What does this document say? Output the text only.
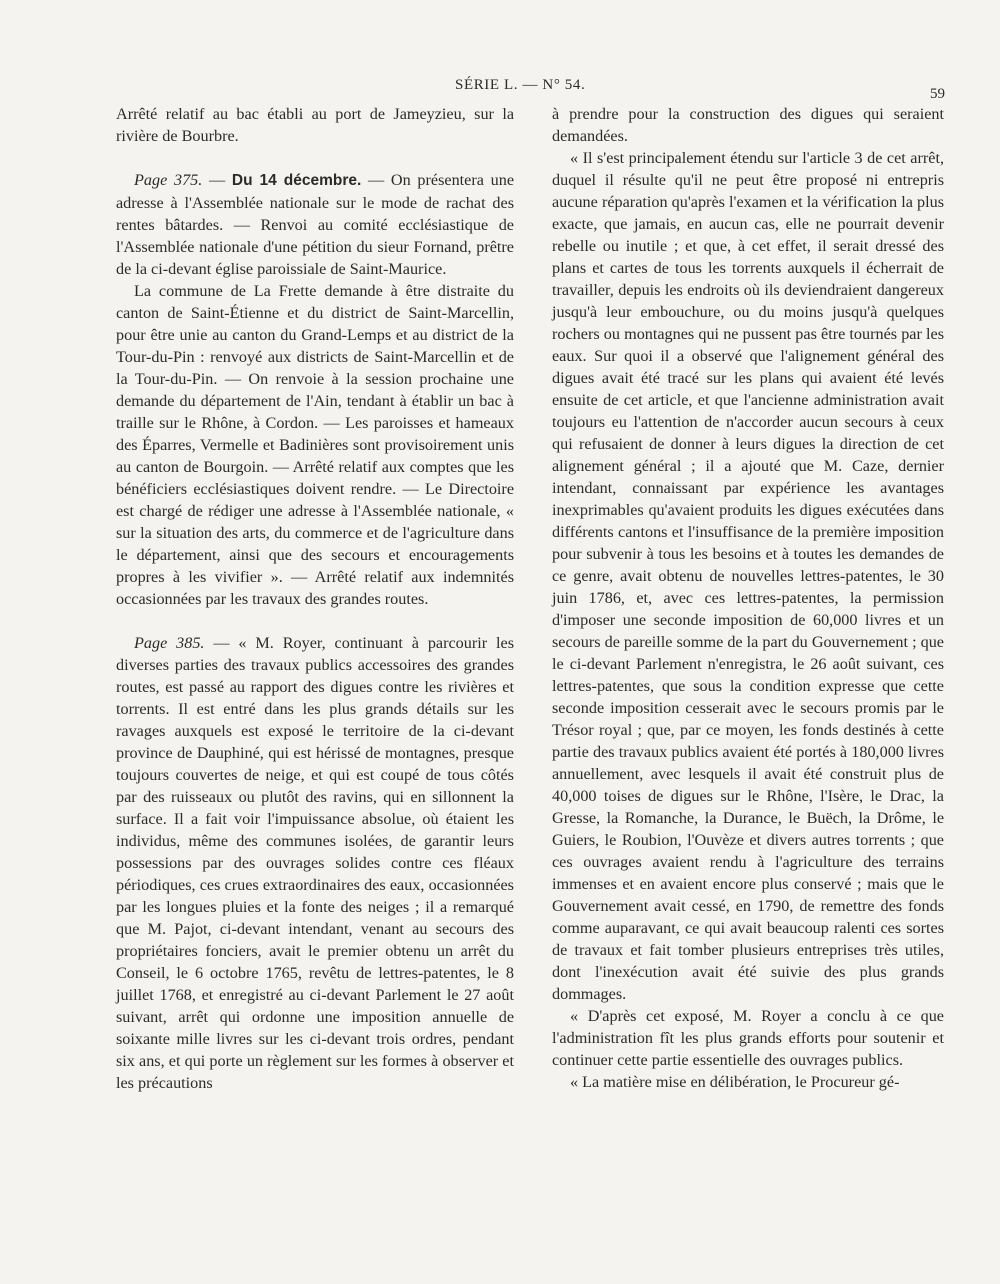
SÉRIE L. — N° 54.
59

Arrêté relatif au bac établi au port de Jameyzieu, sur la rivière de Bourbre.

Page 375. — Du 14 décembre. — On présentera une adresse à l'Assemblée nationale sur le mode de rachat des rentes bâtardes. — Renvoi au comité ecclésiastique de l'Assemblée nationale d'une pétition du sieur Fornand, prêtre de la ci-devant église paroissiale de Saint-Maurice.

La commune de La Frette demande à être distraite du canton de Saint-Étienne et du district de Saint-Marcellin, pour être unie au canton du Grand-Lemps et au district de la Tour-du-Pin : renvoyé aux districts de Saint-Marcellin et de la Tour-du-Pin. — On renvoie à la session prochaine une demande du département de l'Ain, tendant à établir un bac à traille sur le Rhône, à Cordon. — Les paroisses et hameaux des Éparres, Vermelle et Badinières sont provisoirement unis au canton de Bourgoin. — Arrêté relatif aux comptes que les bénéficiers ecclésiastiques doivent rendre. — Le Directoire est chargé de rédiger une adresse à l'Assemblée nationale, « sur la situation des arts, du commerce et de l'agriculture dans le département, ainsi que des secours et encouragements propres à les vivifier ». — Arrêté relatif aux indemnités occasionnées par les travaux des grandes routes.

Page 385. — « M. Royer, continuant à parcourir les diverses parties des travaux publics accessoires des grandes routes, est passé au rapport des digues contre les rivières et torrents. Il est entré dans les plus grands détails sur les ravages auxquels est exposé le territoire de la ci-devant province de Dauphiné, qui est hérissé de montagnes, presque toujours couvertes de neige, et qui est coupé de tous côtés par des ruisseaux ou plutôt des ravins, qui en sillonnent la surface. Il a fait voir l'impuissance absolue, où étaient les individus, même des communes isolées, de garantir leurs possessions par des ouvrages solides contre ces fléaux périodiques, ces crues extraordinaires des eaux, occasionnées par les longues pluies et la fonte des neiges ; il a remarqué que M. Pajot, ci-devant intendant, venant au secours des propriétaires fonciers, avait le premier obtenu un arrêt du Conseil, le 6 octobre 1765, revêtu de lettres-patentes, le 8 juillet 1768, et enregistré au ci-devant Parlement le 27 août suivant, arrêt qui ordonne une imposition annuelle de soixante mille livres sur les ci-devant trois ordres, pendant six ans, et qui porte un règlement sur les formes à observer et les précautions

à prendre pour la construction des digues qui seraient demandées.

« Il s'est principalement étendu sur l'article 3 de cet arrêt, duquel il résulte qu'il ne peut être proposé ni entrepris aucune réparation qu'après l'examen et la vérification la plus exacte, que jamais, en aucun cas, elle ne pourrait devenir rebelle ou inutile ; et que, à cet effet, il serait dressé des plans et cartes de tous les torrents auxquels il écherrait de travailler, depuis les endroits où ils deviendraient dangereux jusqu'à leur embouchure, ou du moins jusqu'à quelques rochers ou montagnes qui ne pussent pas être tournés par les eaux. Sur quoi il a observé que l'alignement général des digues avait été tracé sur les plans qui avaient été levés ensuite de cet article, et que l'ancienne administration avait toujours eu l'attention de n'accorder aucun secours à ceux qui refusaient de donner à leurs digues la direction de cet alignement général ; il a ajouté que M. Caze, dernier intendant, connaissant par expérience les avantages inexprimables qu'avaient produits les digues exécutées dans différents cantons et l'insuffisance de la première imposition pour subvenir à tous les besoins et à toutes les demandes de ce genre, avait obtenu de nouvelles lettres-patentes, le 30 juin 1786, et, avec ces lettres-patentes, la permission d'imposer une seconde imposition de 60,000 livres et un secours de pareille somme de la part du Gouvernement ; que le ci-devant Parlement n'enregistra, le 26 août suivant, ces lettres-patentes, que sous la condition expresse que cette seconde imposition cesserait avec le secours promis par le Trésor royal ; que, par ce moyen, les fonds destinés à cette partie des travaux publics avaient été portés à 180,000 livres annuellement, avec lesquels il avait été construit plus de 40,000 toises de digues sur le Rhône, l'Isère, le Drac, la Gresse, la Romanche, la Durance, le Buëch, la Drôme, le Guiers, le Roubion, l'Ouvèze et divers autres torrents ; que ces ouvrages avaient rendu à l'agriculture des terrains immenses et en avaient encore plus conservé ; mais que le Gouvernement avait cessé, en 1790, de remettre des fonds comme auparavant, ce qui avait beaucoup ralenti ces sortes de travaux et fait tomber plusieurs entreprises très utiles, dont l'inexécution avait été suivie des plus grands dommages.

« D'après cet exposé, M. Royer a conclu à ce que l'administration fît les plus grands efforts pour soutenir et continuer cette partie essentielle des ouvrages publics.

« La matière mise en délibération, le Procureur gé-
